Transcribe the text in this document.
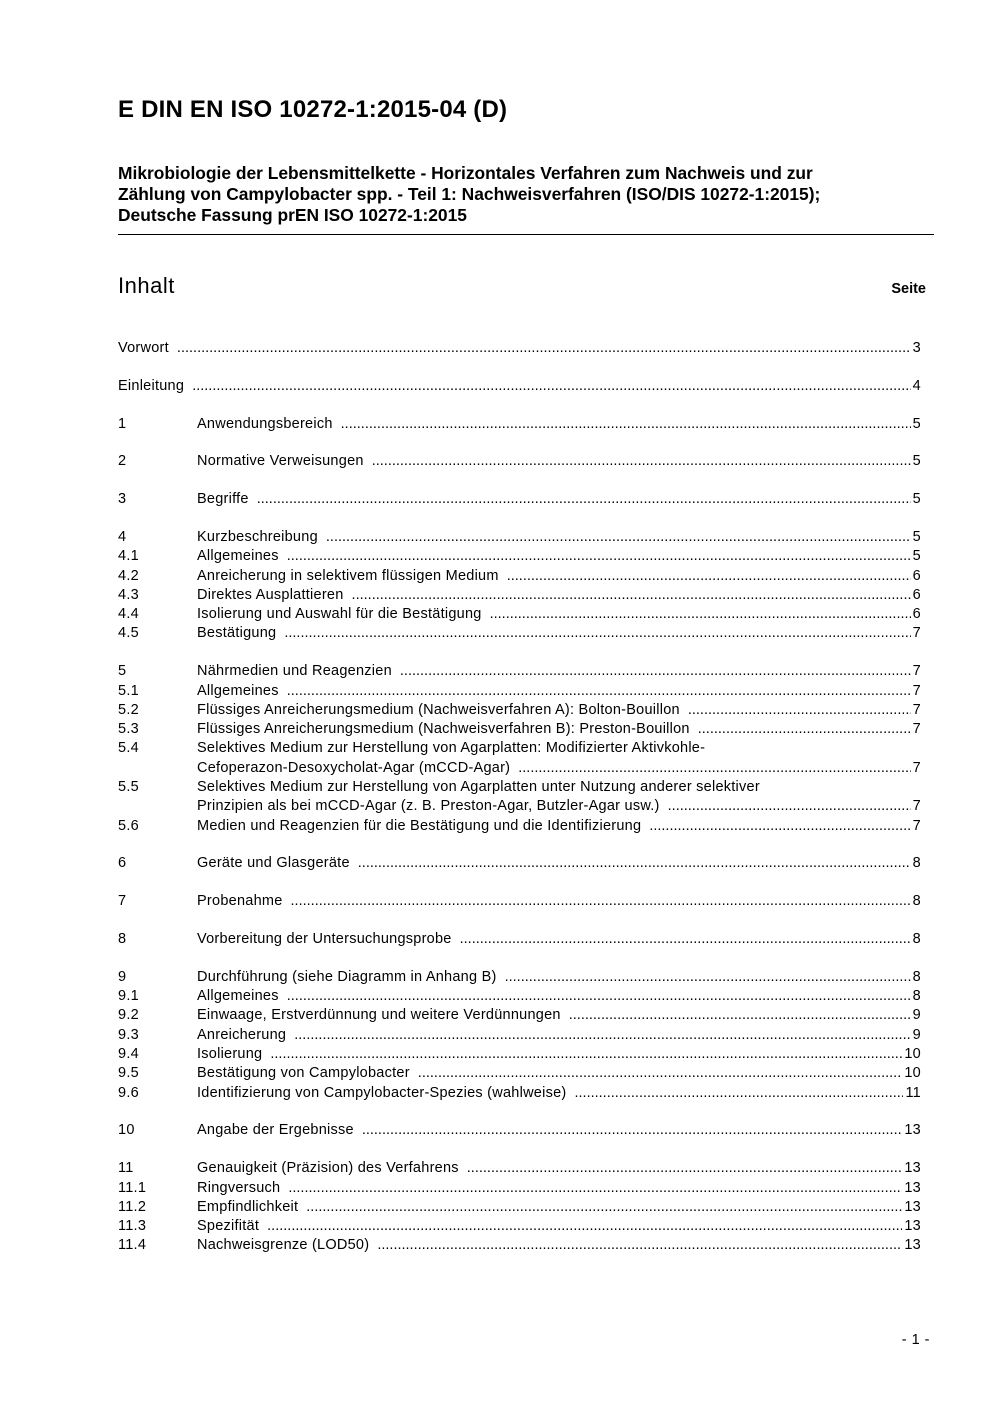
E DIN EN ISO 10272-1:2015-04 (D)
Mikrobiologie der Lebensmittelkette - Horizontales Verfahren zum Nachweis und zur
Zählung von Campylobacter spp. - Teil 1: Nachweisverfahren (ISO/DIS 10272-1:2015);
Deutsche Fassung prEN ISO 10272-1:2015
Inhalt	Seite
Vorwort .....	3
Einleitung .....	4
1	Anwendungsbereich .....	5
2	Normative Verweisungen .....	5
3	Begriffe .....	5
4	Kurzbeschreibung .....	5
4.1	Allgemeines .....	5
4.2	Anreicherung in selektivem flüssigen Medium .....	6
4.3	Direktes Ausplattieren .....	6
4.4	Isolierung und Auswahl für die Bestätigung .....	6
4.5	Bestätigung .....	7
5	Nährmedien und Reagenzien .....	7
5.1	Allgemeines .....	7
5.2	Flüssiges Anreicherungsmedium (Nachweisverfahren A): Bolton-Bouillon .....	7
5.3	Flüssiges Anreicherungsmedium (Nachweisverfahren B): Preston-Bouillon .....	7
5.4	Selektives Medium zur Herstellung von Agarplatten: Modifizierter Aktivkohle-
Cefoperazon-Desoxycholat-Agar (mCCD-Agar) .....	7
5.5	Selektives Medium zur Herstellung von Agarplatten unter Nutzung anderer selektiver
Prinzipien als bei mCCD-Agar (z. B. Preston-Agar, Butzler-Agar usw.) .....	7
5.6	Medien und Reagenzien für die Bestätigung und die Identifizierung .....	7
6	Geräte und Glasgeräte .....	8
7	Probenahme .....	8
8	Vorbereitung der Untersuchungsprobe .....	8
9	Durchführung (siehe Diagramm in Anhang B) .....	8
9.1	Allgemeines .....	8
9.2	Einwaage, Erstverdünnung und weitere Verdünnungen .....	9
9.3	Anreicherung .....	9
9.4	Isolierung .....	10
9.5	Bestätigung von Campylobacter .....	10
9.6	Identifizierung von Campylobacter-Spezies (wahlweise) .....	11
10	Angabe der Ergebnisse .....	13
11	Genauigkeit (Präzision) des Verfahrens .....	13
11.1	Ringversuch .....	13
11.2	Empfindlichkeit .....	13
11.3	Spezifität .....	13
11.4	Nachweisgrenze (LOD50) .....	13
- 1 -
